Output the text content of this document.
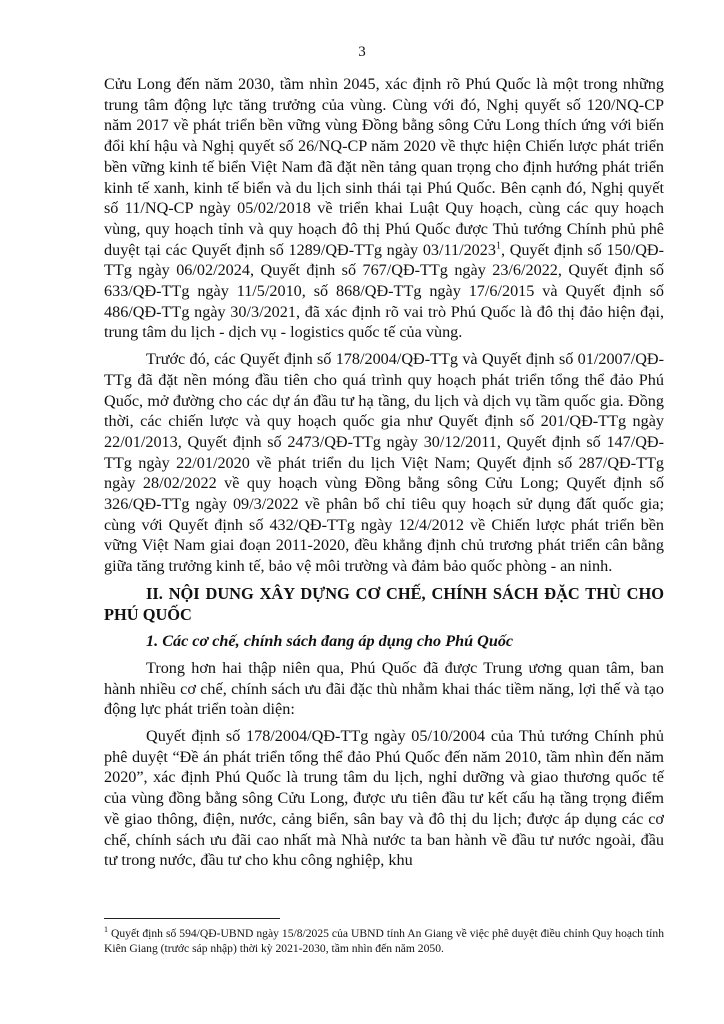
3

Cửu Long đến năm 2030, tầm nhìn 2045, xác định rõ Phú Quốc là một trong những trung tâm động lực tăng trưởng của vùng. Cùng với đó, Nghị quyết số 120/NQ-CP năm 2017 về phát triển bền vững vùng Đồng bằng sông Cửu Long thích ứng với biến đổi khí hậu và Nghị quyết số 26/NQ-CP năm 2020 về thực hiện Chiến lược phát triển bền vững kinh tế biển Việt Nam đã đặt nền tảng quan trọng cho định hướng phát triển kinh tế xanh, kinh tế biển và du lịch sinh thái tại Phú Quốc. Bên cạnh đó, Nghị quyết số 11/NQ-CP ngày 05/02/2018 về triển khai Luật Quy hoạch, cùng các quy hoạch vùng, quy hoạch tỉnh và quy hoạch đô thị Phú Quốc được Thủ tướng Chính phủ phê duyệt tại các Quyết định số 1289/QĐ-TTg ngày 03/11/2023$^1$, Quyết định số 150/QĐ-TTg ngày 06/02/2024, Quyết định số 767/QĐ-TTg ngày 23/6/2022, Quyết định số 633/QĐ-TTg ngày 11/5/2010, số 868/QĐ-TTg ngày 17/6/2015 và Quyết định số 486/QĐ-TTg ngày 30/3/2021, đã xác định rõ vai trò Phú Quốc là đô thị đảo hiện đại, trung tâm du lịch - dịch vụ - logistics quốc tế của vùng.

Trước đó, các Quyết định số 178/2004/QĐ-TTg và Quyết định số 01/2007/QĐ-TTg đã đặt nền móng đầu tiên cho quá trình quy hoạch phát triển tổng thể đảo Phú Quốc, mở đường cho các dự án đầu tư hạ tầng, du lịch và dịch vụ tầm quốc gia. Đồng thời, các chiến lược và quy hoạch quốc gia như Quyết định số 201/QĐ-TTg ngày 22/01/2013, Quyết định số 2473/QĐ-TTg ngày 30/12/2011, Quyết định số 147/QĐ-TTg ngày 22/01/2020 về phát triển du lịch Việt Nam; Quyết định số 287/QĐ-TTg ngày 28/02/2022 về quy hoạch vùng Đồng bằng sông Cửu Long; Quyết định số 326/QĐ-TTg ngày 09/3/2022 về phân bổ chỉ tiêu quy hoạch sử dụng đất quốc gia; cùng với Quyết định số 432/QĐ-TTg ngày 12/4/2012 về Chiến lược phát triển bền vững Việt Nam giai đoạn 2011-2020, đều khẳng định chủ trương phát triển cân bằng giữa tăng trưởng kinh tế, bảo vệ môi trường và đảm bảo quốc phòng - an ninh.

II. NỘI DUNG XÂY DỰNG CƠ CHẾ, CHÍNH SÁCH ĐẶC THÙ CHO PHÚ QUỐC
1. Các cơ chế, chính sách đang áp dụng cho Phú Quốc

Trong hơn hai thập niên qua, Phú Quốc đã được Trung ương quan tâm, ban hành nhiều cơ chế, chính sách ưu đãi đặc thù nhằm khai thác tiềm năng, lợi thế và tạo động lực phát triển toàn diện:

Quyết định số 178/2004/QĐ-TTg ngày 05/10/2004 của Thủ tướng Chính phủ phê duyệt “Đề án phát triển tổng thể đảo Phú Quốc đến năm 2010, tầm nhìn đến năm 2020”, xác định Phú Quốc là trung tâm du lịch, nghỉ dưỡng và giao thương quốc tế của vùng đồng bằng sông Cửu Long, được ưu tiên đầu tư kết cấu hạ tầng trọng điểm về giao thông, điện, nước, cảng biển, sân bay và đô thị du lịch; được áp dụng các cơ chế, chính sách ưu đãi cao nhất mà Nhà nước ta ban hành về đầu tư nước ngoài, đầu tư trong nước, đầu tư cho khu công nghiệp, khu

$^1$ Quyết định số 594/QĐ-UBND ngày 15/8/2025 của UBND tỉnh An Giang về việc phê duyệt điều chỉnh Quy hoạch tỉnh Kiên Giang (trước sáp nhập) thời kỳ 2021-2030, tầm nhìn đến năm 2050.
